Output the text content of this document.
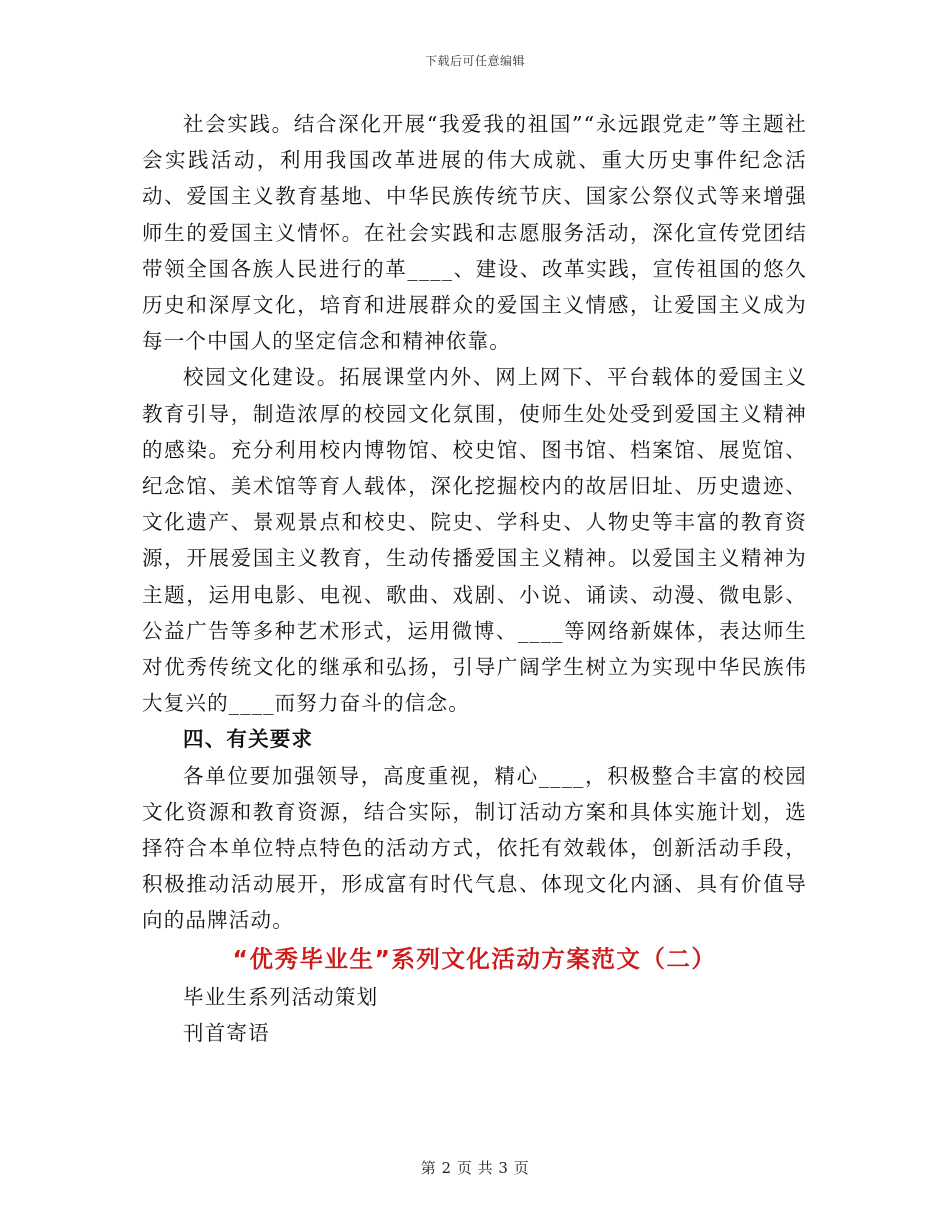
下载后可任意编辑

社会实践。结合深化开展“我爱我的祖国”“永远跟党走”等主题社会实践活动，利用我国改革进展的伟大成就、重大历史事件纪念活动、爱国主义教育基地、中华民族传统节庆、国家公祭仪式等来增强师生的爱国主义情怀。在社会实践和志愿服务活动，深化宣传党团结带领全国各族人民进行的革____、建设、改革实践，宣传祖国的悠久历史和深厚文化，培育和进展群众的爱国主义情感，让爱国主义成为每一个中国人的坚定信念和精神依靠。

校园文化建设。拓展课堂内外、网上网下、平台载体的爱国主义教育引导，制造浓厚的校园文化氛围，使师生处处受到爱国主义精神的感染。充分利用校内博物馆、校史馆、图书馆、档案馆、展览馆、纪念馆、美术馆等育人载体，深化挖掘校内的故居旧址、历史遗迹、文化遗产、景观景点和校史、院史、学科史、人物史等丰富的教育资源，开展爱国主义教育，生动传播爱国主义精神。以爱国主义精神为主题，运用电影、电视、歌曲、戏剧、小说、诵读、动漫、微电影、公益广告等多种艺术形式，运用微博、____等网络新媒体，表达师生对优秀传统文化的继承和弘扬，引导广阔学生树立为实现中华民族伟大复兴的____而努力奋斗的信念。

四、有关要求

各单位要加强领导，高度重视，精心____，积极整合丰富的校园文化资源和教育资源，结合实际，制订活动方案和具体实施计划，选择符合本单位特点特色的活动方式，依托有效载体，创新活动手段，积极推动活动展开，形成富有时代气息、体现文化内涵、具有价值导向的品牌活动。

“优秀毕业生”系列文化活动方案范文（二）

毕业生系列活动策划

刊首寄语

第 2 页 共 3 页
